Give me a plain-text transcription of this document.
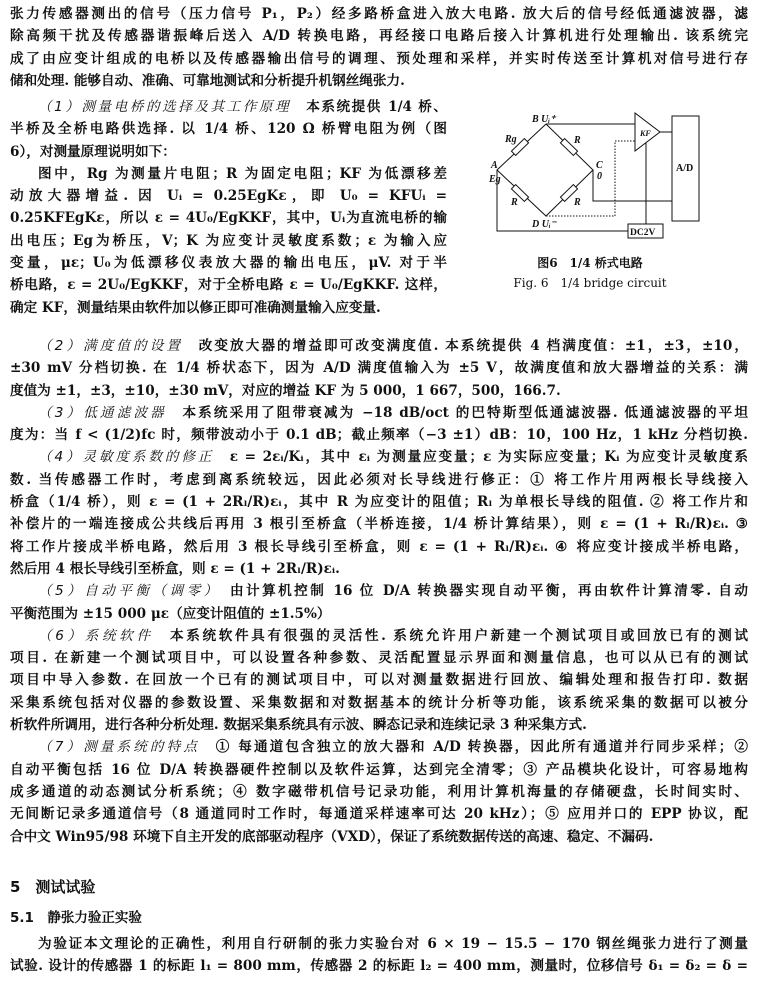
张力传感器测出的信号（压力信号 P₁，P₂）经多路桥盒进入放大电路. 放大后的信号经低通滤波器，滤
除高频干扰及传感器谐振峰后送入 A/D 转换电路，再经接口电路后接入计算机进行处理输出. 该系统完
成了由应变计组成的电桥以及传感器输出信号的调理、预处理和采样，并实时传送至计算机对信号进行存
储和处理. 能够自动、准确、可靠地测试和分析提升机钢丝绳张力.
（1）测量电桥的选择及其工作原理　本系统提供 1/4 桥、
半桥及全桥电路供选择. 以 1/4 桥、120 Ω 桥臂电阻为例（图
6），对测量原理说明如下：
图中，Rg 为测量片电阻；R 为固定电阻；KF 为低漂移差
动放大器增益. 因 Uᵢ = 0.25EgKε，即 U₀ = KFUᵢ =
0.25KFEgKε，所以 ε = 4U₀/EgKKF，其中，Uᵢ为直流电桥的输
出电压；Eg为桥压，V；K 为应变计灵敏度系数；ε 为输入应
变量，με；U₀为低漂移仪表放大器的输出电压，μV. 对于半
桥电路，ε = 2U₀/EgKKF，对于全桥电路 ε = U₀/EgKKF. 这样，
确定 KF，测量结果由软件加以修正即可准确测量输入应变量.
B Uᵢ⁺
Rg	R
A
Eg
C
0
R	R
D Uᵢ⁻
KF
A/D
DC2V
图6　1/4 桥式电路
Fig. 6　1/4 bridge circuit
（2）满度值的设置　改变放大器的增益即可改变满度值. 本系统提供 4 档满度值：±1，±3，±10，
±30 mV 分档切换. 在 1/4 桥状态下，因为 A/D 满度值输入为 ±5 V，故满度值和放大器增益的关系：满
度值为 ±1，±3，±10，±30 mV，对应的增益 KF 为 5 000，1 667，500，166.7.
（3）低通滤波器　本系统采用了阻带衰减为 −18 dB/oct 的巴特斯型低通滤波器. 低通滤波器的平坦
度为：当 f < (1/2)fc 时，频带波动小于 0.1 dB；截止频率（−3 ±1）dB：10，100 Hz，1 kHz 分档切换.
（4）灵敏度系数的修正　ε = 2εᵢ/Kᵢ，其中 εᵢ 为测量应变量；ε 为实际应变量；Kᵢ 为应变计灵敏度系
数. 当传感器工作时，考虑到离系统较远，因此必须对长导线进行修正：① 将工作片用两根长导线接入
桥盒（1/4 桥），则 ε = (1 + 2Rₗ/R)εᵢ，其中 R 为应变计的阻值；Rₗ 为单根长导线的阻值. ② 将工作片和
补偿片的一端连接成公共线后再用 3 根引至桥盒（半桥连接，1/4 桥计算结果），则 ε = (1 + Rₗ/R)εᵢ. ③
将工作片接成半桥电路，然后用 3 根长导线引至桥盒，则 ε = (1 + Rₗ/R)εᵢ. ④ 将应变计接成半桥电路，
然后用 4 根长导线引至桥盒，则 ε = (1 + 2Rₗ/R)εᵢ.
（5）自动平衡（调零）　由计算机控制 16 位 D/A 转换器实现自动平衡，再由软件计算清零. 自动
平衡范围为 ±15 000 με（应变计阻值的 ±1.5%）
（6）系统软件　本系统软件具有很强的灵活性. 系统允许用户新建一个测试项目或回放已有的测试
项目. 在新建一个测试项目中，可以设置各种参数、灵活配置显示界面和测量信息，也可以从已有的测试
项目中导入参数. 在回放一个已有的测试项目中，可以对测量数据进行回放、编辑处理和报告打印. 数据
采集系统包括对仪器的参数设置、采集数据和对数据基本的统计分析等功能，该系统采集的数据可以被分
析软件所调用，进行各种分析处理. 数据采集系统具有示波、瞬态记录和连续记录 3 种采集方式.
（7）测量系统的特点　① 每通道包含独立的放大器和 A/D 转换器，因此所有通道并行同步采样；②
自动平衡包括 16 位 D/A 转换器硬件控制以及软件运算，达到完全清零；③ 产品模块化设计，可容易地构
成多通道的动态测试分析系统；④ 数字磁带机信号记录功能，利用计算机海量的存储硬盘，长时间实时、
无间断记录多通道信号（8 通道同时工作时，每通道采样速率可达 20 kHz）；⑤ 应用并口的 EPP 协议，配
合中文 Win95/98 环境下自主开发的底部驱动程序（VXD），保证了系统数据传送的高速、稳定、不漏码.
5　测试试验
5.1　静张力验正实验
为验证本文理论的正确性，利用自行研制的张力实验台对 6 × 19 − 15.5 − 170 钢丝绳张力进行了测量
试验. 设计的传感器 1 的标距 l₁ = 800 mm，传感器 2 的标距 l₂ = 400 mm，测量时，位移信号 δ₁ = δ₂ = δ =
